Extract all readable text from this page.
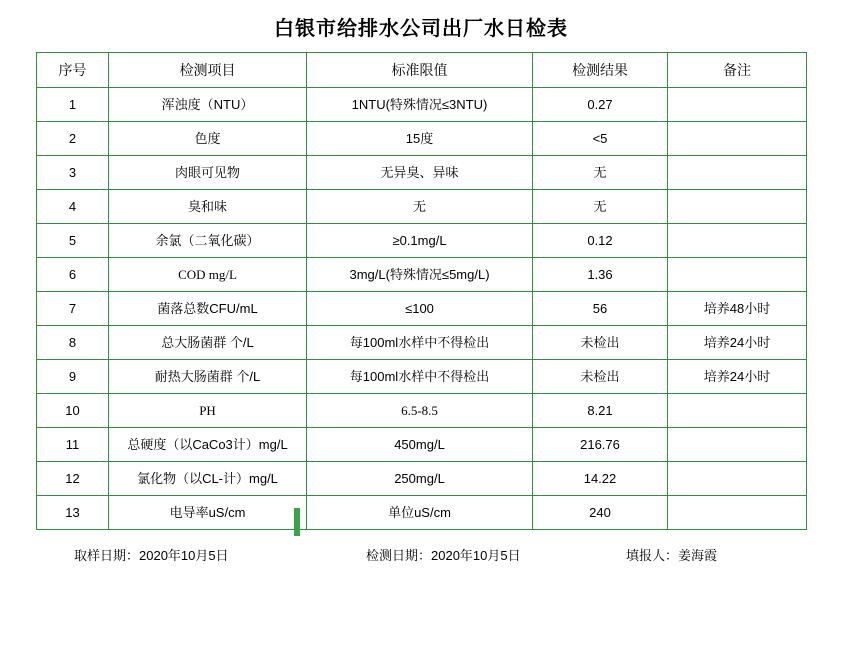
白银市给排水公司出厂水日检表
序号	检测项目	标准限值	检测结果	备注
1	浑浊度（NTU）	1NTU(特殊情况≤3NTU)	0.27	
2	色度	15度	<5	
3	肉眼可见物	无异臭、异味	无	
4	臭和味	无	无	
5	余氯（二氧化碳）	≥0.1mg/L	0.12	
6	COD mg/L	3mg/L(特殊情况≤5mg/L)	1.36	
7	菌落总数CFU/mL	≤100	56	培养48小时
8	总大肠菌群 个/L	每100ml水样中不得检出	未检出	培养24小时
9	耐热大肠菌群 个/L	每100ml水样中不得检出	未检出	培养24小时
10	PH	6.5-8.5	8.21	
11	总硬度（以CaCo3计）mg/L	450mg/L	216.76	
12	氯化物（以CL-计）mg/L	250mg/L	14.22	
13	电导率uS/cm	单位uS/cm	240	
取样日期：2020年10月5日	检测日期：2020年10月5日	填报人：姜海霞
